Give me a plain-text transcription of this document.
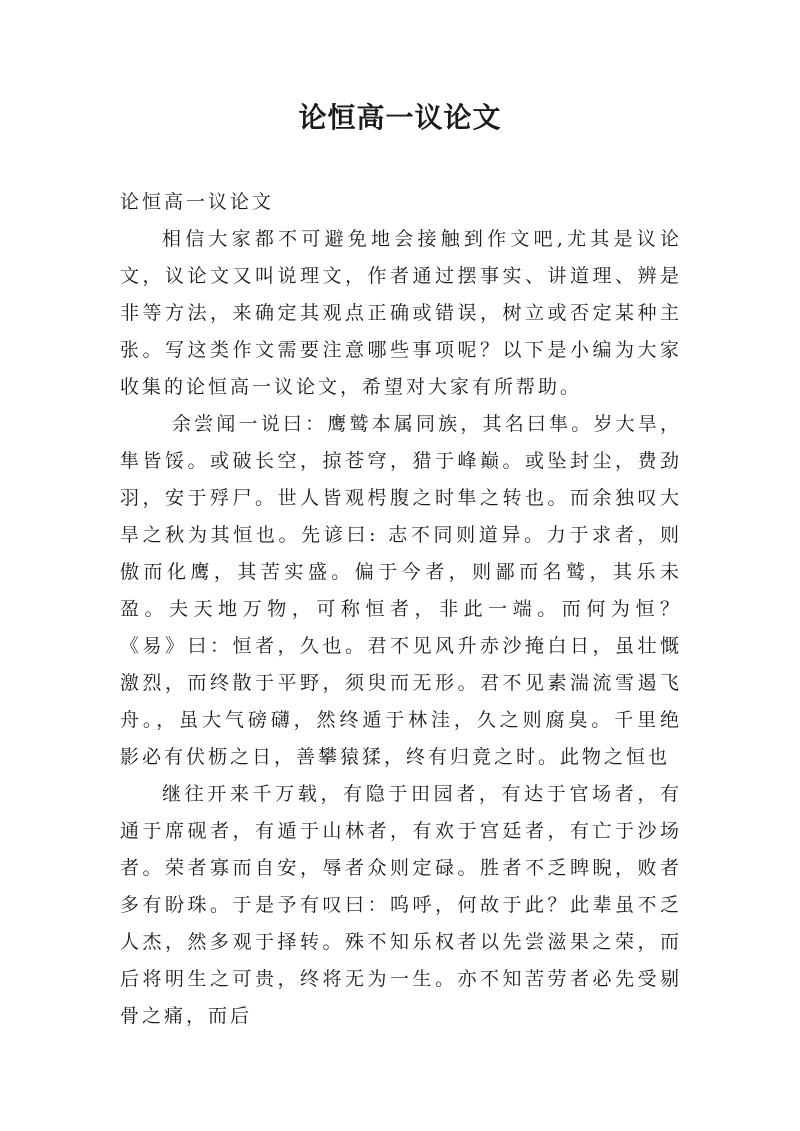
论恒高一议论文
论恒高一议论文

相信大家都不可避免地会接触到作文吧,尤其是议论文，议论文又叫说理文，作者通过摆事实、讲道理、辨是非等方法，来确定其观点正确或错误，树立或否定某种主张。写这类作文需要注意哪些事项呢？以下是小编为大家收集的论恒高一议论文，希望对大家有所帮助。

余尝闻一说曰：鹰鹫本属同族，其名曰隼。岁大旱，隼皆馁。或破长空，掠苍穹，猎于峰巅。或坠封尘，费劲羽，安于殍尸。世人皆观枵腹之时隼之转也。而余独叹大旱之秋为其恒也。先谚曰: 志不同则道异。力于求者，则傲而化鹰，其苦实盛。偏于今者，则鄙而名鹫，其乐未盈。夫天地万物，可称恒者，非此一端。而何为恒？《易》曰：恒者，久也。君不见风升赤沙掩白日，虽壮慨激烈，而终散于平野，须臾而无形。君不见素湍流雪遏飞舟。，虽大气磅礴，然终遁于林洼，久之则腐臭。千里绝影必有伏枥之日，善攀猿猱，终有归竟之时。此物之恒也

继往开来千万载，有隐于田园者，有达于官场者，有通于席砚者，有遁于山林者，有欢于宫廷者，有亡于沙场者。荣者寡而自安，辱者众则定碌。胜者不乏睥睨，败者多有盼珠。于是予有叹曰：呜呼，何故于此？此辈虽不乏人杰，然多观于择转。殊不知乐权者以先尝滋果之荣，而后将明生之可贵，终将无为一生。亦不知苦劳者必先受剔骨之痛，而后
